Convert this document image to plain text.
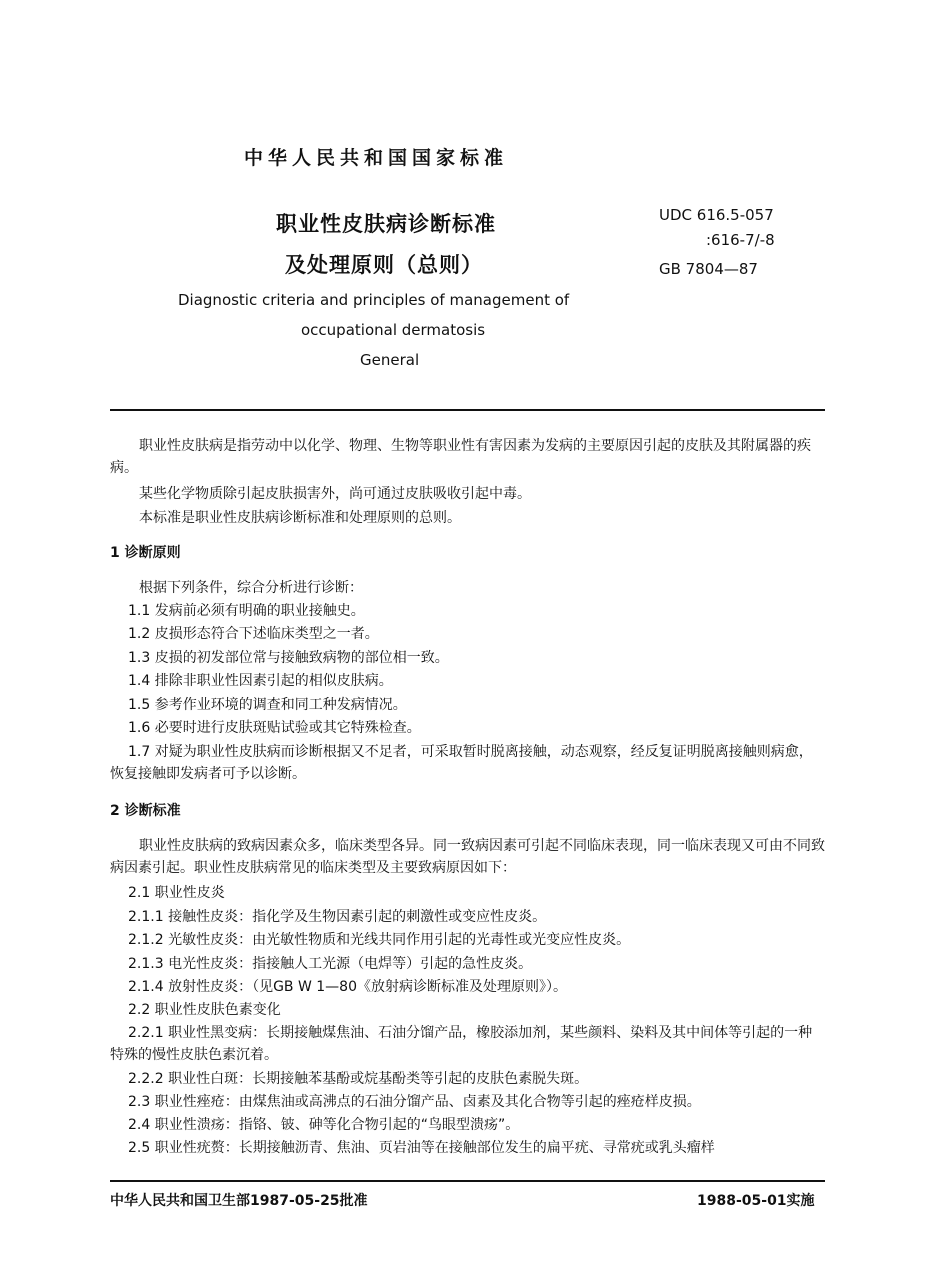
中华人民共和国国家标准
职业性皮肤病诊断标准
及处理原则（总则）
UDC 616.5-057
:616-7/-8
GB 7804—87
Diagnostic criteria and principles of management of
occupational dermatosis
General
职业性皮肤病是指劳动中以化学、物理、生物等职业性有害因素为发病的主要原因引起的皮肤及其附属器的疾病。
某些化学物质除引起皮肤损害外，尚可通过皮肤吸收引起中毒。
本标准是职业性皮肤病诊断标准和处理原则的总则。
1 诊断原则
根据下列条件，综合分析进行诊断：
1.1 发病前必须有明确的职业接触史。
1.2 皮损形态符合下述临床类型之一者。
1.3 皮损的初发部位常与接触致病物的部位相一致。
1.4 排除非职业性因素引起的相似皮肤病。
1.5 参考作业环境的调查和同工种发病情况。
1.6 必要时进行皮肤斑贴试验或其它特殊检查。
1.7 对疑为职业性皮肤病而诊断根据又不足者，可采取暂时脱离接触，动态观察，经反复证明脱离接触则病愈，恢复接触即发病者可予以诊断。
2 诊断标准
职业性皮肤病的致病因素众多，临床类型各异。同一致病因素可引起不同临床表现，同一临床表现又可由不同致病因素引起。职业性皮肤病常见的临床类型及主要致病原因如下：
2.1 职业性皮炎
2.1.1 接触性皮炎：指化学及生物因素引起的刺激性或变应性皮炎。
2.1.2 光敏性皮炎：由光敏性物质和光线共同作用引起的光毒性或光变应性皮炎。
2.1.3 电光性皮炎：指接触人工光源（电焊等）引起的急性皮炎。
2.1.4 放射性皮炎：（见GB W 1—80《放射病诊断标准及处理原则》）。
2.2 职业性皮肤色素变化
2.2.1 职业性黑变病：长期接触煤焦油、石油分馏产品，橡胶添加剂，某些颜料、染料及其中间体等引起的一种特殊的慢性皮肤色素沉着。
2.2.2 职业性白斑：长期接触苯基酚或烷基酚类等引起的皮肤色素脱失斑。
2.3 职业性痤疮：由煤焦油或高沸点的石油分馏产品、卤素及其化合物等引起的痤疮样皮损。
2.4 职业性溃疡：指铬、铍、砷等化合物引起的“鸟眼型溃疡”。
2.5 职业性疣赘：长期接触沥青、焦油、页岩油等在接触部位发生的扁平疣、寻常疣或乳头瘤样
中华人民共和国卫生部1987-05-25批准	1988-05-01实施
